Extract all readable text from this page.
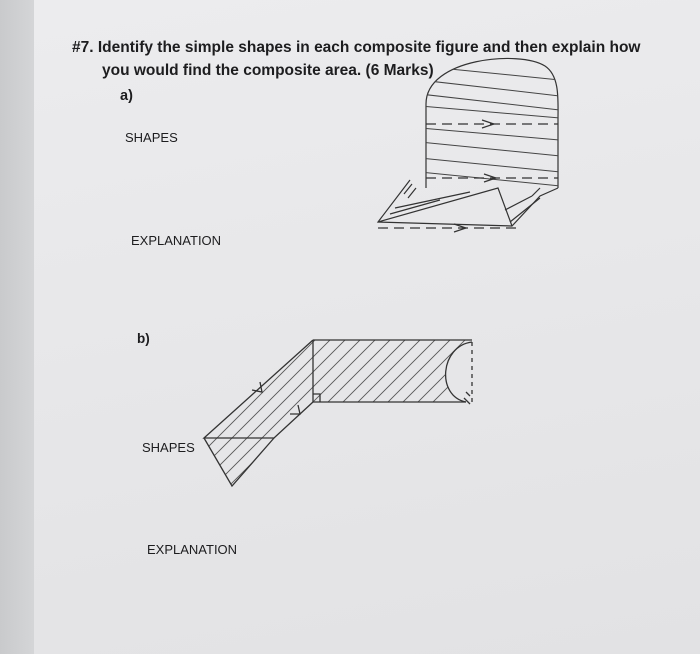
#7. Identify the simple shapes in each composite figure and then explain how
you would find the composite area. (6 Marks)
a)
SHAPES
EXPLANATION
b)
SHAPES
EXPLANATION
